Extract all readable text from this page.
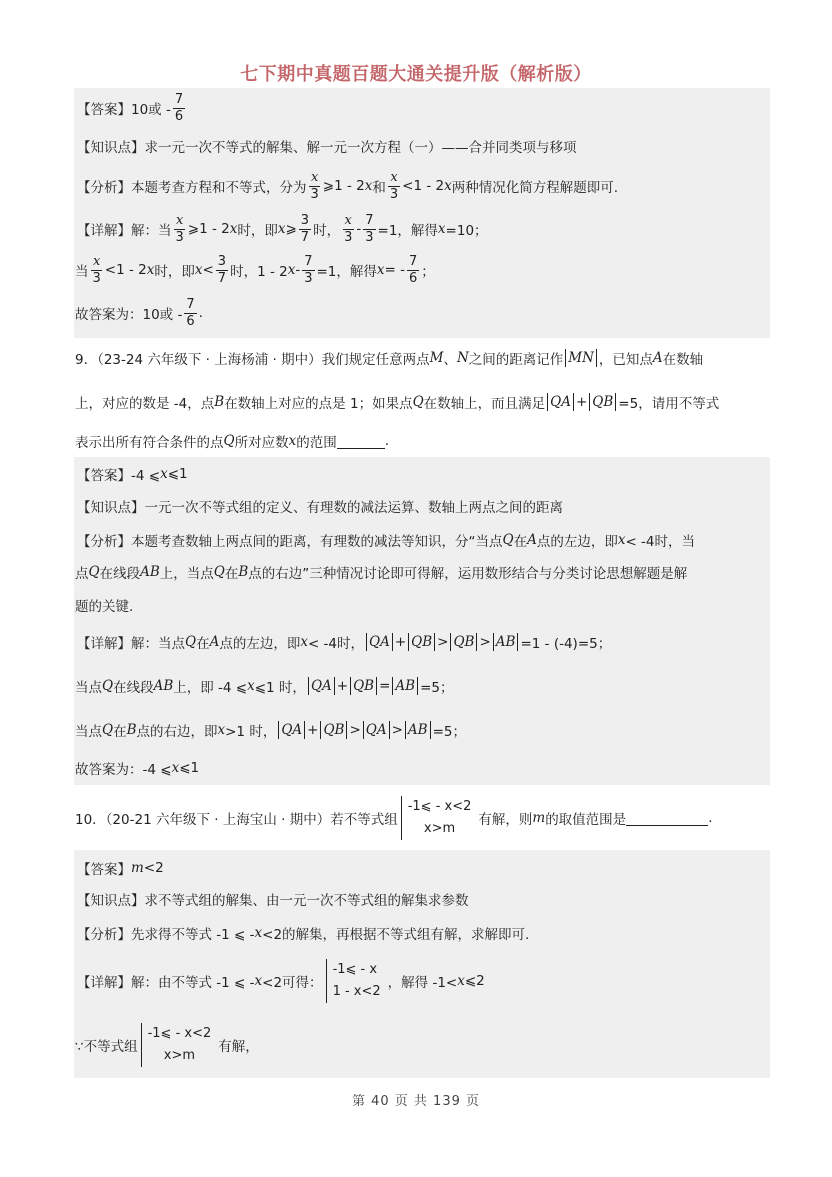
七下期中真题百题大通关提升版（解析版）
【答案】10或 - $\frac{7}{6}$
【知识点】求一元一次不等式的解集、解一元一次方程（一）——合并同类项与移项
【分析】本题考查方程和不等式，分为 $\frac{x}{3}$ ⩾1 - 2 x 和 $\frac{x}{3} <1 - 2$ x 两种情况化简方程解题即可.
【详解】解：当 $\frac{x}{3}$ ⩾1 - 2 x 时，即 x ⩾ $\frac{3}{7}$ 时， $\frac{x}{3} - \frac{7}{3} =1$，解得 x =10；
当 $\frac{x}{3} <1 - 2$ x 时，即 $x < \frac{3}{7}$ 时，1 - 2 $x - \frac{7}{3} =1$，解得 x = - $\frac{7}{6}$ ；
故答案为：10或 - $\frac{7}{6}$ .
9．（23-24 六年级下 · 上海杨浦 · 期中）我们规定任意两点 M 、 N 之间的距离记作 MN ，已知点 A 在数轴
上，对应的数是 -4，点 B 在数轴上对应的点是 1；如果点 Q 在数轴上，而且满足 QA + QB =5，请用不等式
表示出所有符合条件的点 Q 所对应数 x 的范围	.
【答案】-4 ⩽ x ⩽1
【知识点】一元一次不等式组的定义、有理数的减法运算、数轴上两点之间的距离
【分析】本题考查数轴上两点间的距离，有理数的减法等知识，分“当点 Q 在 A 点的左边，即 x < -4时，当
点 Q 在线段 AB 上，当点 Q 在 B 点的右边”三种情况讨论即可得解，运用数形结合与分类讨论思想解题是解
题的关键.
【详解】解：当点 Q 在 A 点的左边，即 x < -4时， QA + QB > QB > AB =1 - (-4)=5；
当点 Q 在线段 AB 上，即 -4 ⩽ x ⩽1 时， QA + QB = AB =5；
当点 Q 在 B 点的右边，即 x >1 时， QA + QB > QA > AB =5；
故答案为：-4 ⩽ x ⩽1
10．（20-21 六年级下 · 上海宝山 · 期中）若不等式组
-1⩽ - x<2
x>m
有解，则 m 的取值范围是	.
【答案】 m <2
【知识点】求不等式组的解集、由一元一次不等式组的解集求参数
【分析】先求得不等式 -1 ⩽ - x <2的解集，再根据不等式组有解，求解即可.
【详解】解：由不等式 -1 ⩽ - x <2可得：
-1⩽ - x
1 - x<2
，解得 -1< x ⩽2
∵不等式组
-1⩽ - x<2
x>m
有解，
第 40 页 共 139 页
